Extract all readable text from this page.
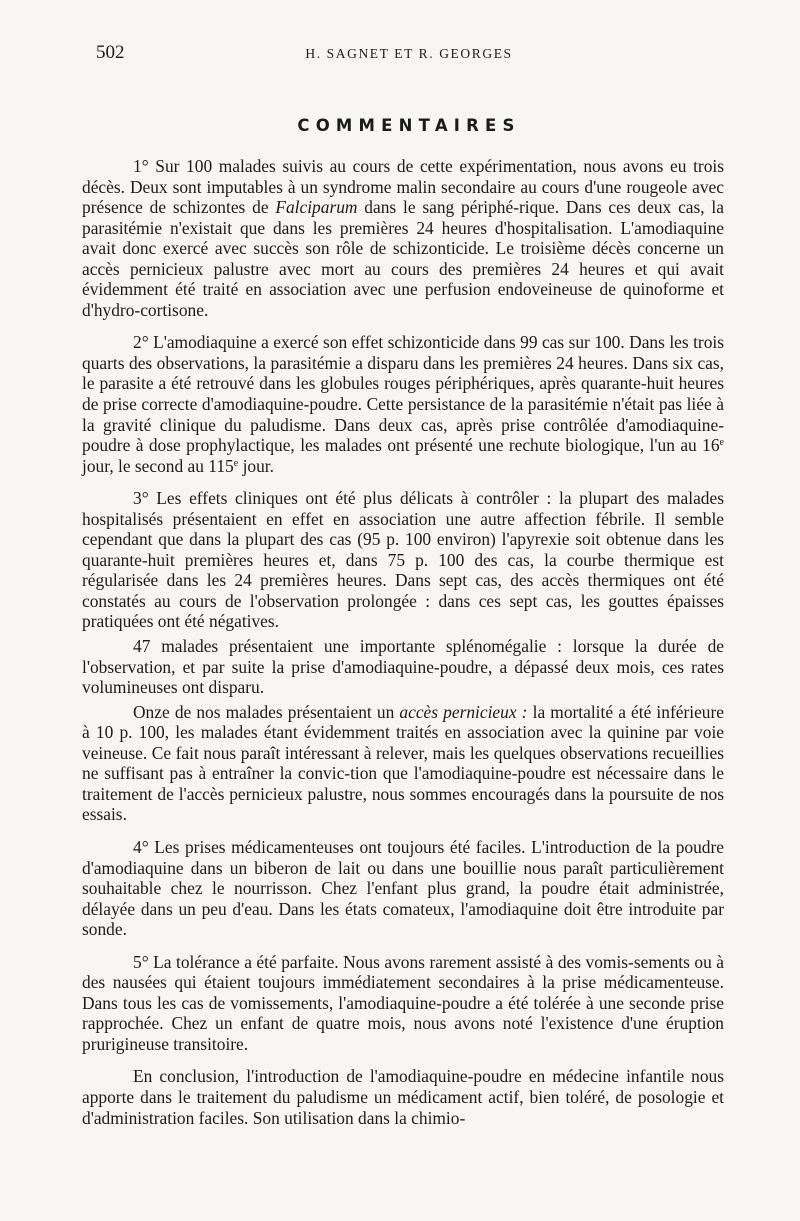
502	H. SAGNET ET R. GEORGES
COMMENTAIRES

1° Sur 100 malades suivis au cours de cette expérimentation, nous avons eu trois décès. Deux sont imputables à un syndrome malin secondaire au cours d'une rougeole avec présence de schizontes de Falciparum dans le sang périphé-rique. Dans ces deux cas, la parasitémie n'existait que dans les premières 24 heures d'hospitalisation. L'amodiaquine avait donc exercé avec succès son rôle de schizonticide. Le troisième décès concerne un accès pernicieux palustre avec mort au cours des premières 24 heures et qui avait évidemment été traité en association avec une perfusion endoveineuse de quinoforme et d'hydro-cortisone.

2° L'amodiaquine a exercé son effet schizonticide dans 99 cas sur 100. Dans les trois quarts des observations, la parasitémie a disparu dans les premières 24 heures. Dans six cas, le parasite a été retrouvé dans les globules rouges périphériques, après quarante-huit heures de prise correcte d'amodiaquine-poudre. Cette persistance de la parasitémie n'était pas liée à la gravité clinique du paludisme. Dans deux cas, après prise contrôlée d'amodiaquine-poudre à dose prophylactique, les malades ont présenté une rechute biologique, l'un au 16e jour, le second au 115e jour.

3° Les effets cliniques ont été plus délicats à contrôler : la plupart des malades hospitalisés présentaient en effet en association une autre affection fébrile. Il semble cependant que dans la plupart des cas (95 p. 100 environ) l'apyrexie soit obtenue dans les quarante-huit premières heures et, dans 75 p. 100 des cas, la courbe thermique est régularisée dans les 24 premières heures. Dans sept cas, des accès thermiques ont été constatés au cours de l'observation prolongée : dans ces sept cas, les gouttes épaisses pratiquées ont été négatives.

47 malades présentaient une importante splénomégalie : lorsque la durée de l'observation, et par suite la prise d'amodiaquine-poudre, a dépassé deux mois, ces rates volumineuses ont disparu.

Onze de nos malades présentaient un accès pernicieux : la mortalité a été inférieure à 10 p. 100, les malades étant évidemment traités en association avec la quinine par voie veineuse. Ce fait nous paraît intéressant à relever, mais les quelques observations recueillies ne suffisant pas à entraîner la convic-tion que l'amodiaquine-poudre est nécessaire dans le traitement de l'accès pernicieux palustre, nous sommes encouragés dans la poursuite de nos essais.

4° Les prises médicamenteuses ont toujours été faciles. L'introduction de la poudre d'amodiaquine dans un biberon de lait ou dans une bouillie nous paraît particulièrement souhaitable chez le nourrisson. Chez l'enfant plus grand, la poudre était administrée, délayée dans un peu d'eau. Dans les états comateux, l'amodiaquine doit être introduite par sonde.

5° La tolérance a été parfaite. Nous avons rarement assisté à des vomis-sements ou à des nausées qui étaient toujours immédiatement secondaires à la prise médicamenteuse. Dans tous les cas de vomissements, l'amodiaquine-poudre a été tolérée à une seconde prise rapprochée. Chez un enfant de quatre mois, nous avons noté l'existence d'une éruption prurigineuse transitoire.

En conclusion, l'introduction de l'amodiaquine-poudre en médecine infantile nous apporte dans le traitement du paludisme un médicament actif, bien toléré, de posologie et d'administration faciles. Son utilisation dans la chimio-
